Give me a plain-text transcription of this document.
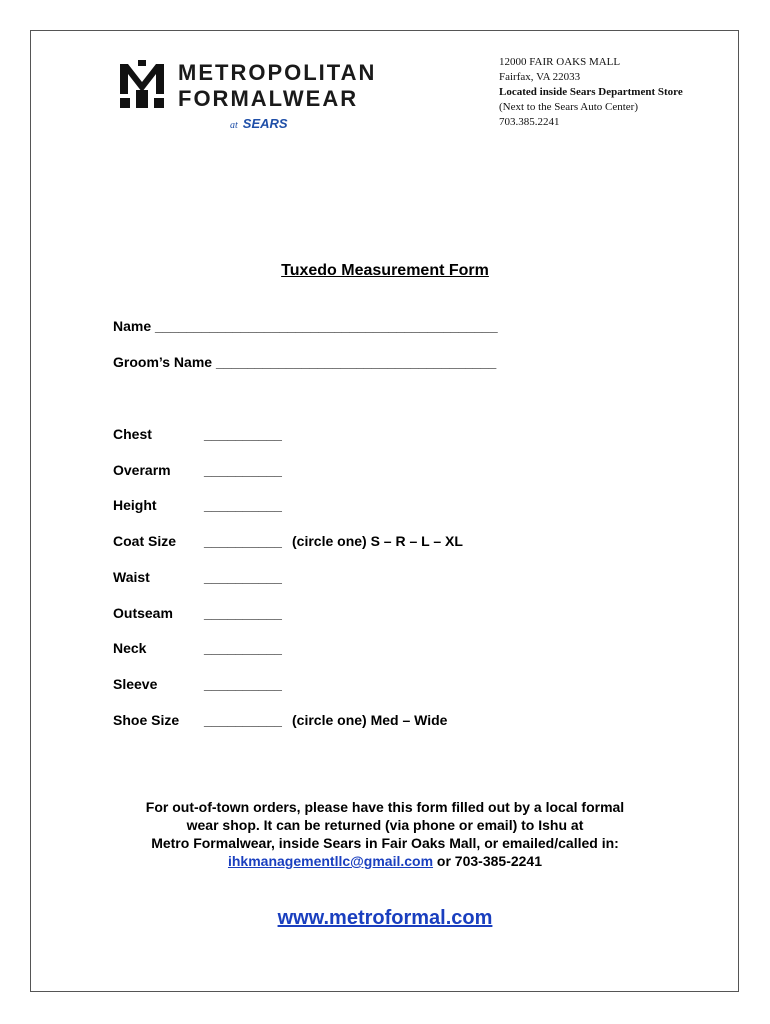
METROPOLITAN
FORMALWEAR
at SEARS
12000 FAIR OAKS MALL
Fairfax, VA 22033
Located inside Sears Department Store
(Next to the Sears Auto Center)
703.385.2241
Tuxedo Measurement Form
Name ____________________________________________
Groom’s Name ____________________________________
Chest	__________
Overarm __________
Height	__________
Coat Size __________ (circle one) S – R – L – XL
Waist	__________
Outseam __________
Neck	__________
Sleeve	__________
Shoe Size __________ (circle one) Med – Wide
For out-of-town orders, please have this form filled out by a local formal
wear shop. It can be returned (via phone or email) to Ishu at
Metro Formalwear, inside Sears in Fair Oaks Mall, or emailed/called in:
ihkmanagementllc@gmail.com or 703-385-2241
www.metroformal.com
